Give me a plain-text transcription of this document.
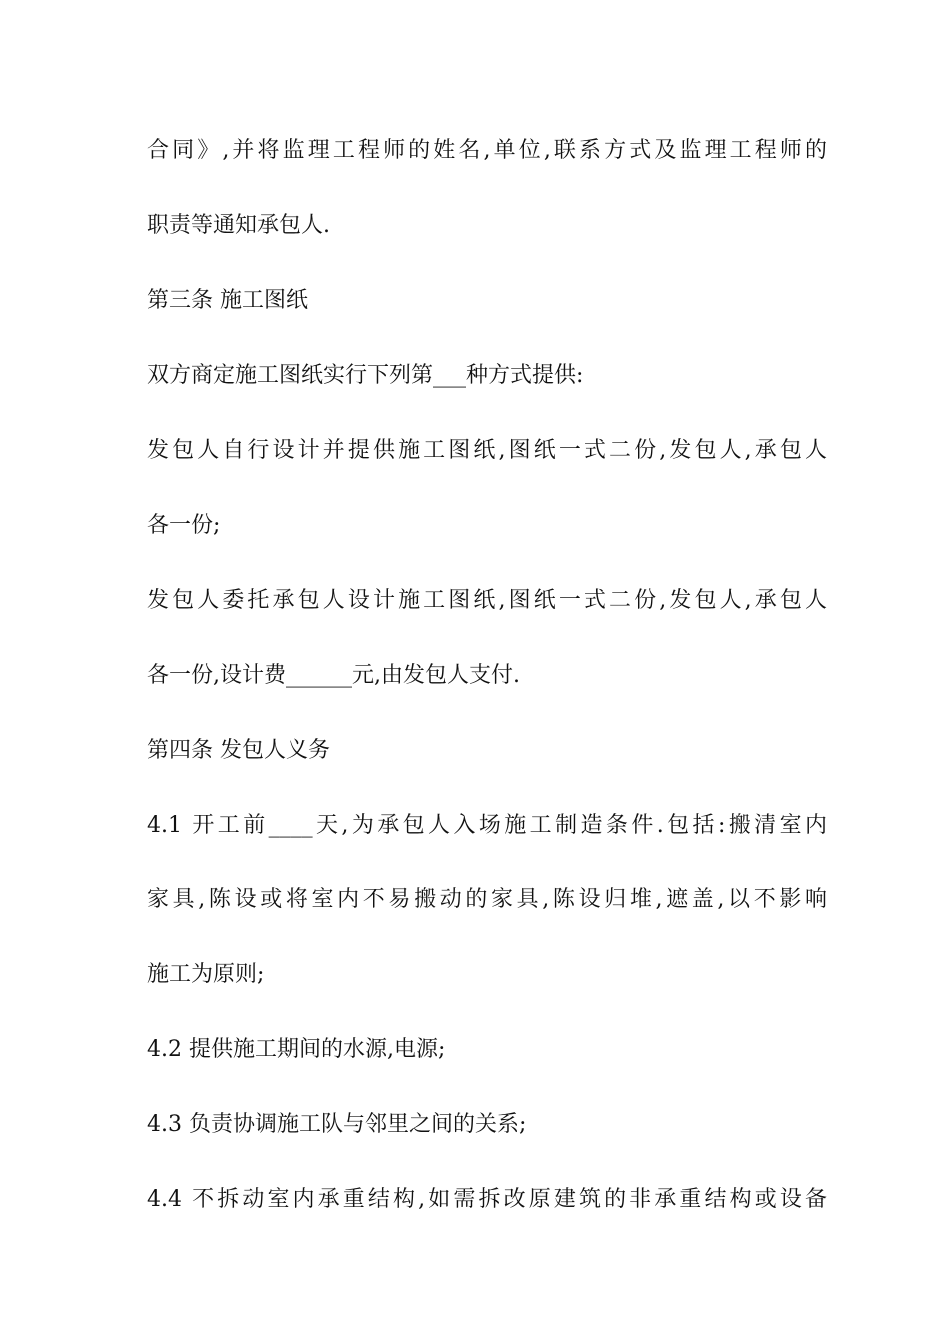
合同》,并将监理工程师的姓名,单位,联系方式及监理工程师的
职责等通知承包人.
第三条 施工图纸
双方商定施工图纸实行下列第___种方式提供:
发包人自行设计并提供施工图纸,图纸一式二份,发包人,承包人
各一份;
发包人委托承包人设计施工图纸,图纸一式二份,发包人,承包人
各一份,设计费______元,由发包人支付.
第四条 发包人义务
4.1 开工前____天,为承包人入场施工制造条件.包括:搬清室内
家具,陈设或将室内不易搬动的家具,陈设归堆,遮盖,以不影响
施工为原则;
4.2 提供施工期间的水源,电源;
4.3 负责协调施工队与邻里之间的关系;
4.4 不拆动室内承重结构,如需拆改原建筑的非承重结构或设备
